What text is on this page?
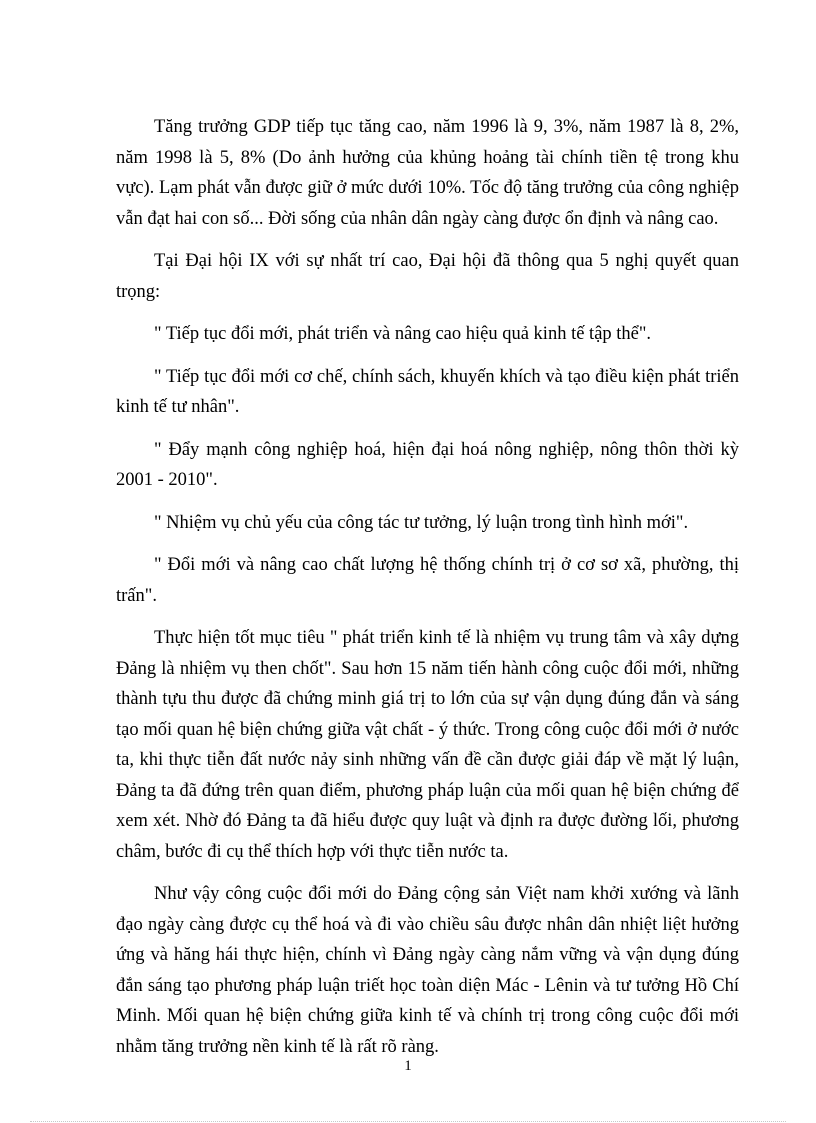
Tăng trưởng GDP tiếp tục tăng cao, năm 1996 là 9, 3%, năm 1987 là 8, 2%, năm 1998 là 5, 8% (Do ảnh hưởng của khủng hoảng tài chính tiền tệ trong khu vực). Lạm phát vẫn được giữ ở mức dưới 10%. Tốc độ tăng trưởng của công nghiệp vẫn đạt hai con số... Đời sống của nhân dân ngày càng được ổn định và nâng cao.

Tại Đại hội IX với sự nhất trí cao, Đại hội đã thông qua 5 nghị quyết quan trọng:

" Tiếp tục đổi mới, phát triển và nâng cao hiệu quả kinh tế tập thể".

" Tiếp tục đổi mới cơ chế, chính sách, khuyến khích và tạo điều kiện phát triển kinh tế tư nhân".

" Đẩy mạnh công nghiệp hoá, hiện đại hoá nông nghiệp, nông thôn thời kỳ 2001 - 2010".

" Nhiệm vụ chủ yếu của công tác tư tưởng, lý luận trong tình hình mới".

" Đổi mới và nâng cao chất lượng hệ thống chính trị ở cơ sơ xã, phường, thị trấn".

Thực hiện tốt mục tiêu " phát triển kinh tế là nhiệm vụ trung tâm và xây dựng Đảng là nhiệm vụ then chốt". Sau hơn 15 năm tiến hành công cuộc đổi mới, những thành tựu thu được đã chứng minh giá trị to lớn của sự vận dụng đúng đắn và sáng tạo mối quan hệ biện chứng giữa vật chất - ý thức. Trong công cuộc đổi mới ở nước ta, khi thực tiễn đất nước nảy sinh những vấn đề cần được giải đáp về mặt lý luận, Đảng ta đã đứng trên quan điểm, phương pháp luận của mối quan hệ biện chứng để xem xét. Nhờ đó Đảng ta đã hiểu được quy luật và định ra được đường lối, phương châm, bước đi cụ thể thích hợp với thực tiễn nước ta.

Như vậy công cuộc đổi mới do Đảng cộng sản Việt nam khởi xướng và lãnh đạo ngày càng được cụ thể hoá và đi vào chiều sâu được nhân dân nhiệt liệt hưởng ứng và hăng hái thực hiện, chính vì Đảng ngày càng nắm vững và vận dụng đúng đắn sáng tạo phương pháp luận triết học toàn diện Mác - Lênin và tư tưởng Hồ Chí Minh. Mối quan hệ biện chứng giữa kinh tế và chính trị trong công cuộc đổi mới nhằm tăng trưởng nền kinh tế là rất rõ ràng.

1
